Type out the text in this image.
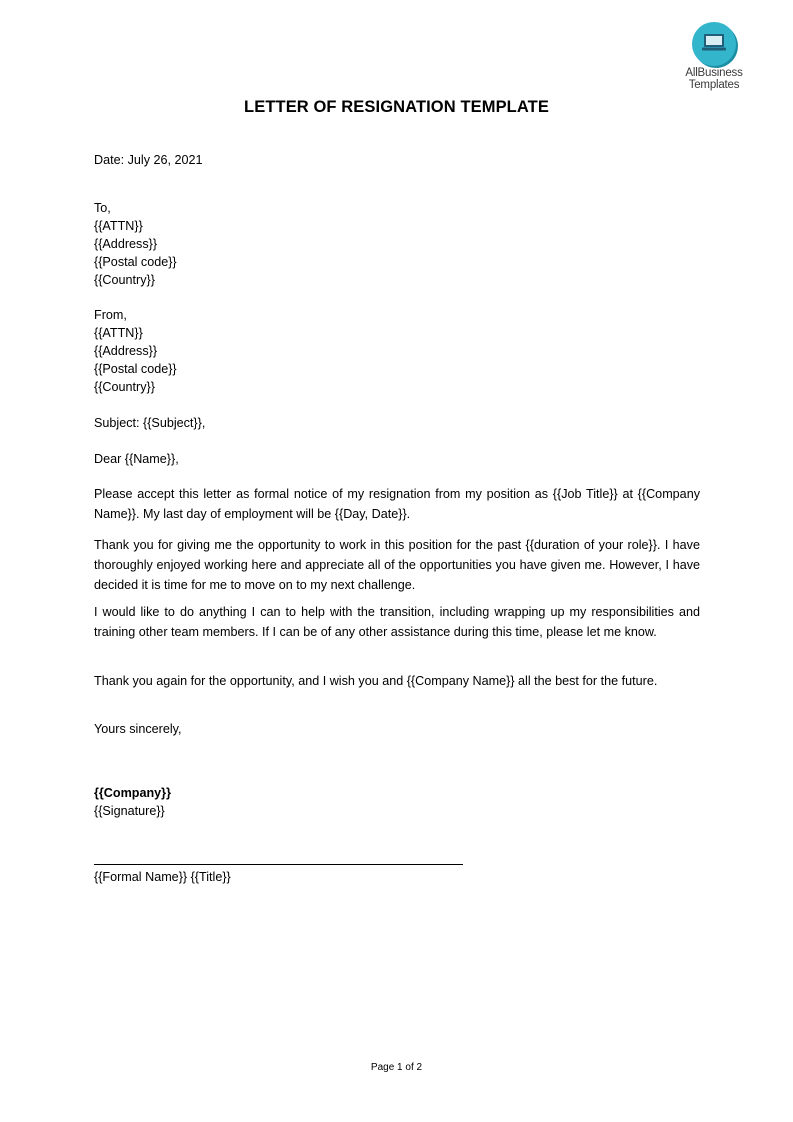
AllBusiness
Templates
LETTER OF RESIGNATION TEMPLATE
Date: July 26, 2021
To,
{{ATTN}}
{{Address}}
{{Postal code}}
{{Country}}
From,
{{ATTN}}
{{Address}}
{{Postal code}}
{{Country}}
Subject: {{Subject}},
Dear {{Name}},
Please accept this letter as formal notice of my resignation from my position as {{Job Title}} at {{Company Name}}. My last day of employment will be {{Day, Date}}.
Thank you for giving me the opportunity to work in this position for the past {{duration of your role}}. I have thoroughly enjoyed working here and appreciate all of the opportunities you have given me. However, I have decided it is time for me to move on to my next challenge.
I would like to do anything I can to help with the transition, including wrapping up my responsibilities and training other team members. If I can be of any other assistance during this time, please let me know.
Thank you again for the opportunity, and I wish you and {{Company Name}} all the best for the future.
Yours sincerely,
{{Company}}
{{Signature}}
{{Formal Name}} {{Title}}
Page 1 of 2
